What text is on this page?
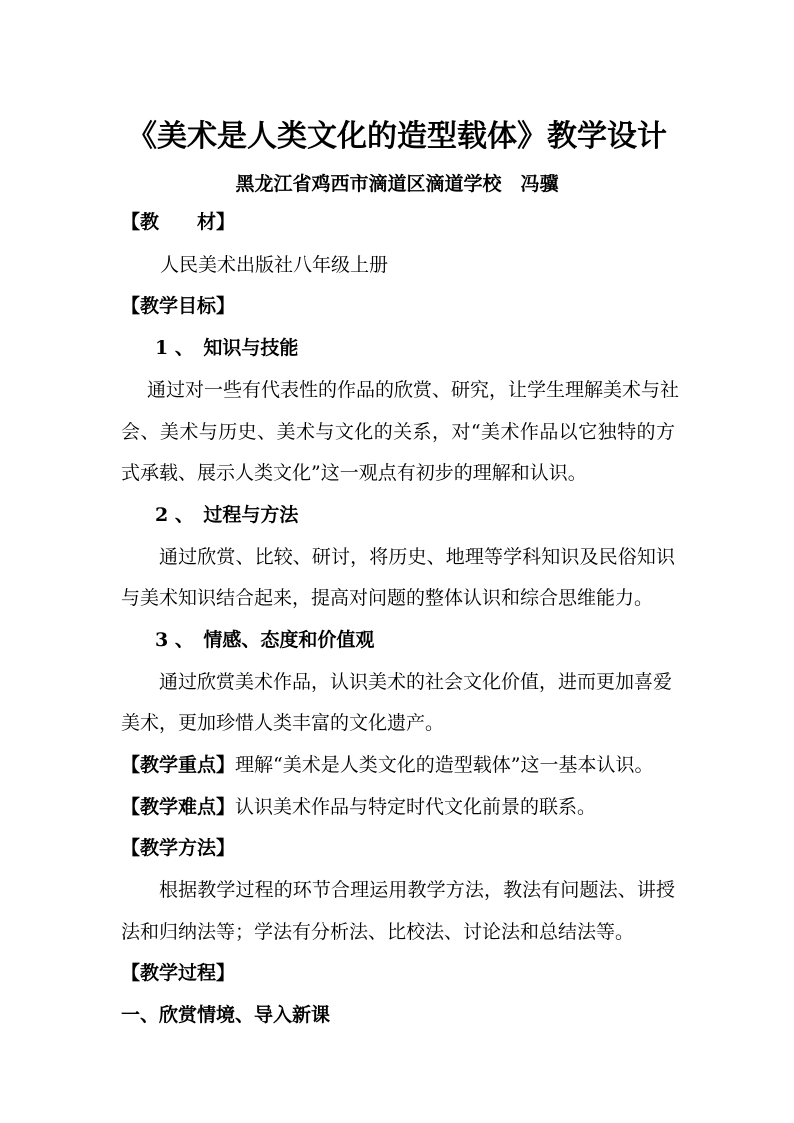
《美术是人类文化的造型载体》教学设计
黑龙江省鸡西市滴道区滴道学校　冯骥
【教　　材】
人民美术出版社八年级上册
【教学目标】
1 、　知识与技能
通过对一些有代表性的作品的欣赏、研究，让学生理解美术与社
会、美术与历史、美术与文化的关系，对“美术作品以它独特的方
式承载、展示人类文化”这一观点有初步的理解和认识。
2 、　过程与方法
通过欣赏、比较、研讨，将历史、地理等学科知识及民俗知识
与美术知识结合起来，提高对问题的整体认识和综合思维能力。
3 、　情感、态度和价值观
通过欣赏美术作品，认识美术的社会文化价值，进而更加喜爱
美术，更加珍惜人类丰富的文化遗产。
【教学重点】理解“美术是人类文化的造型载体”这一基本认识。
【教学难点】认识美术作品与特定时代文化前景的联系。
【教学方法】
根据教学过程的环节合理运用教学方法，教法有问题法、讲授
法和归纳法等；学法有分析法、比校法、讨论法和总结法等。
【教学过程】
一、欣赏情境、导入新课
